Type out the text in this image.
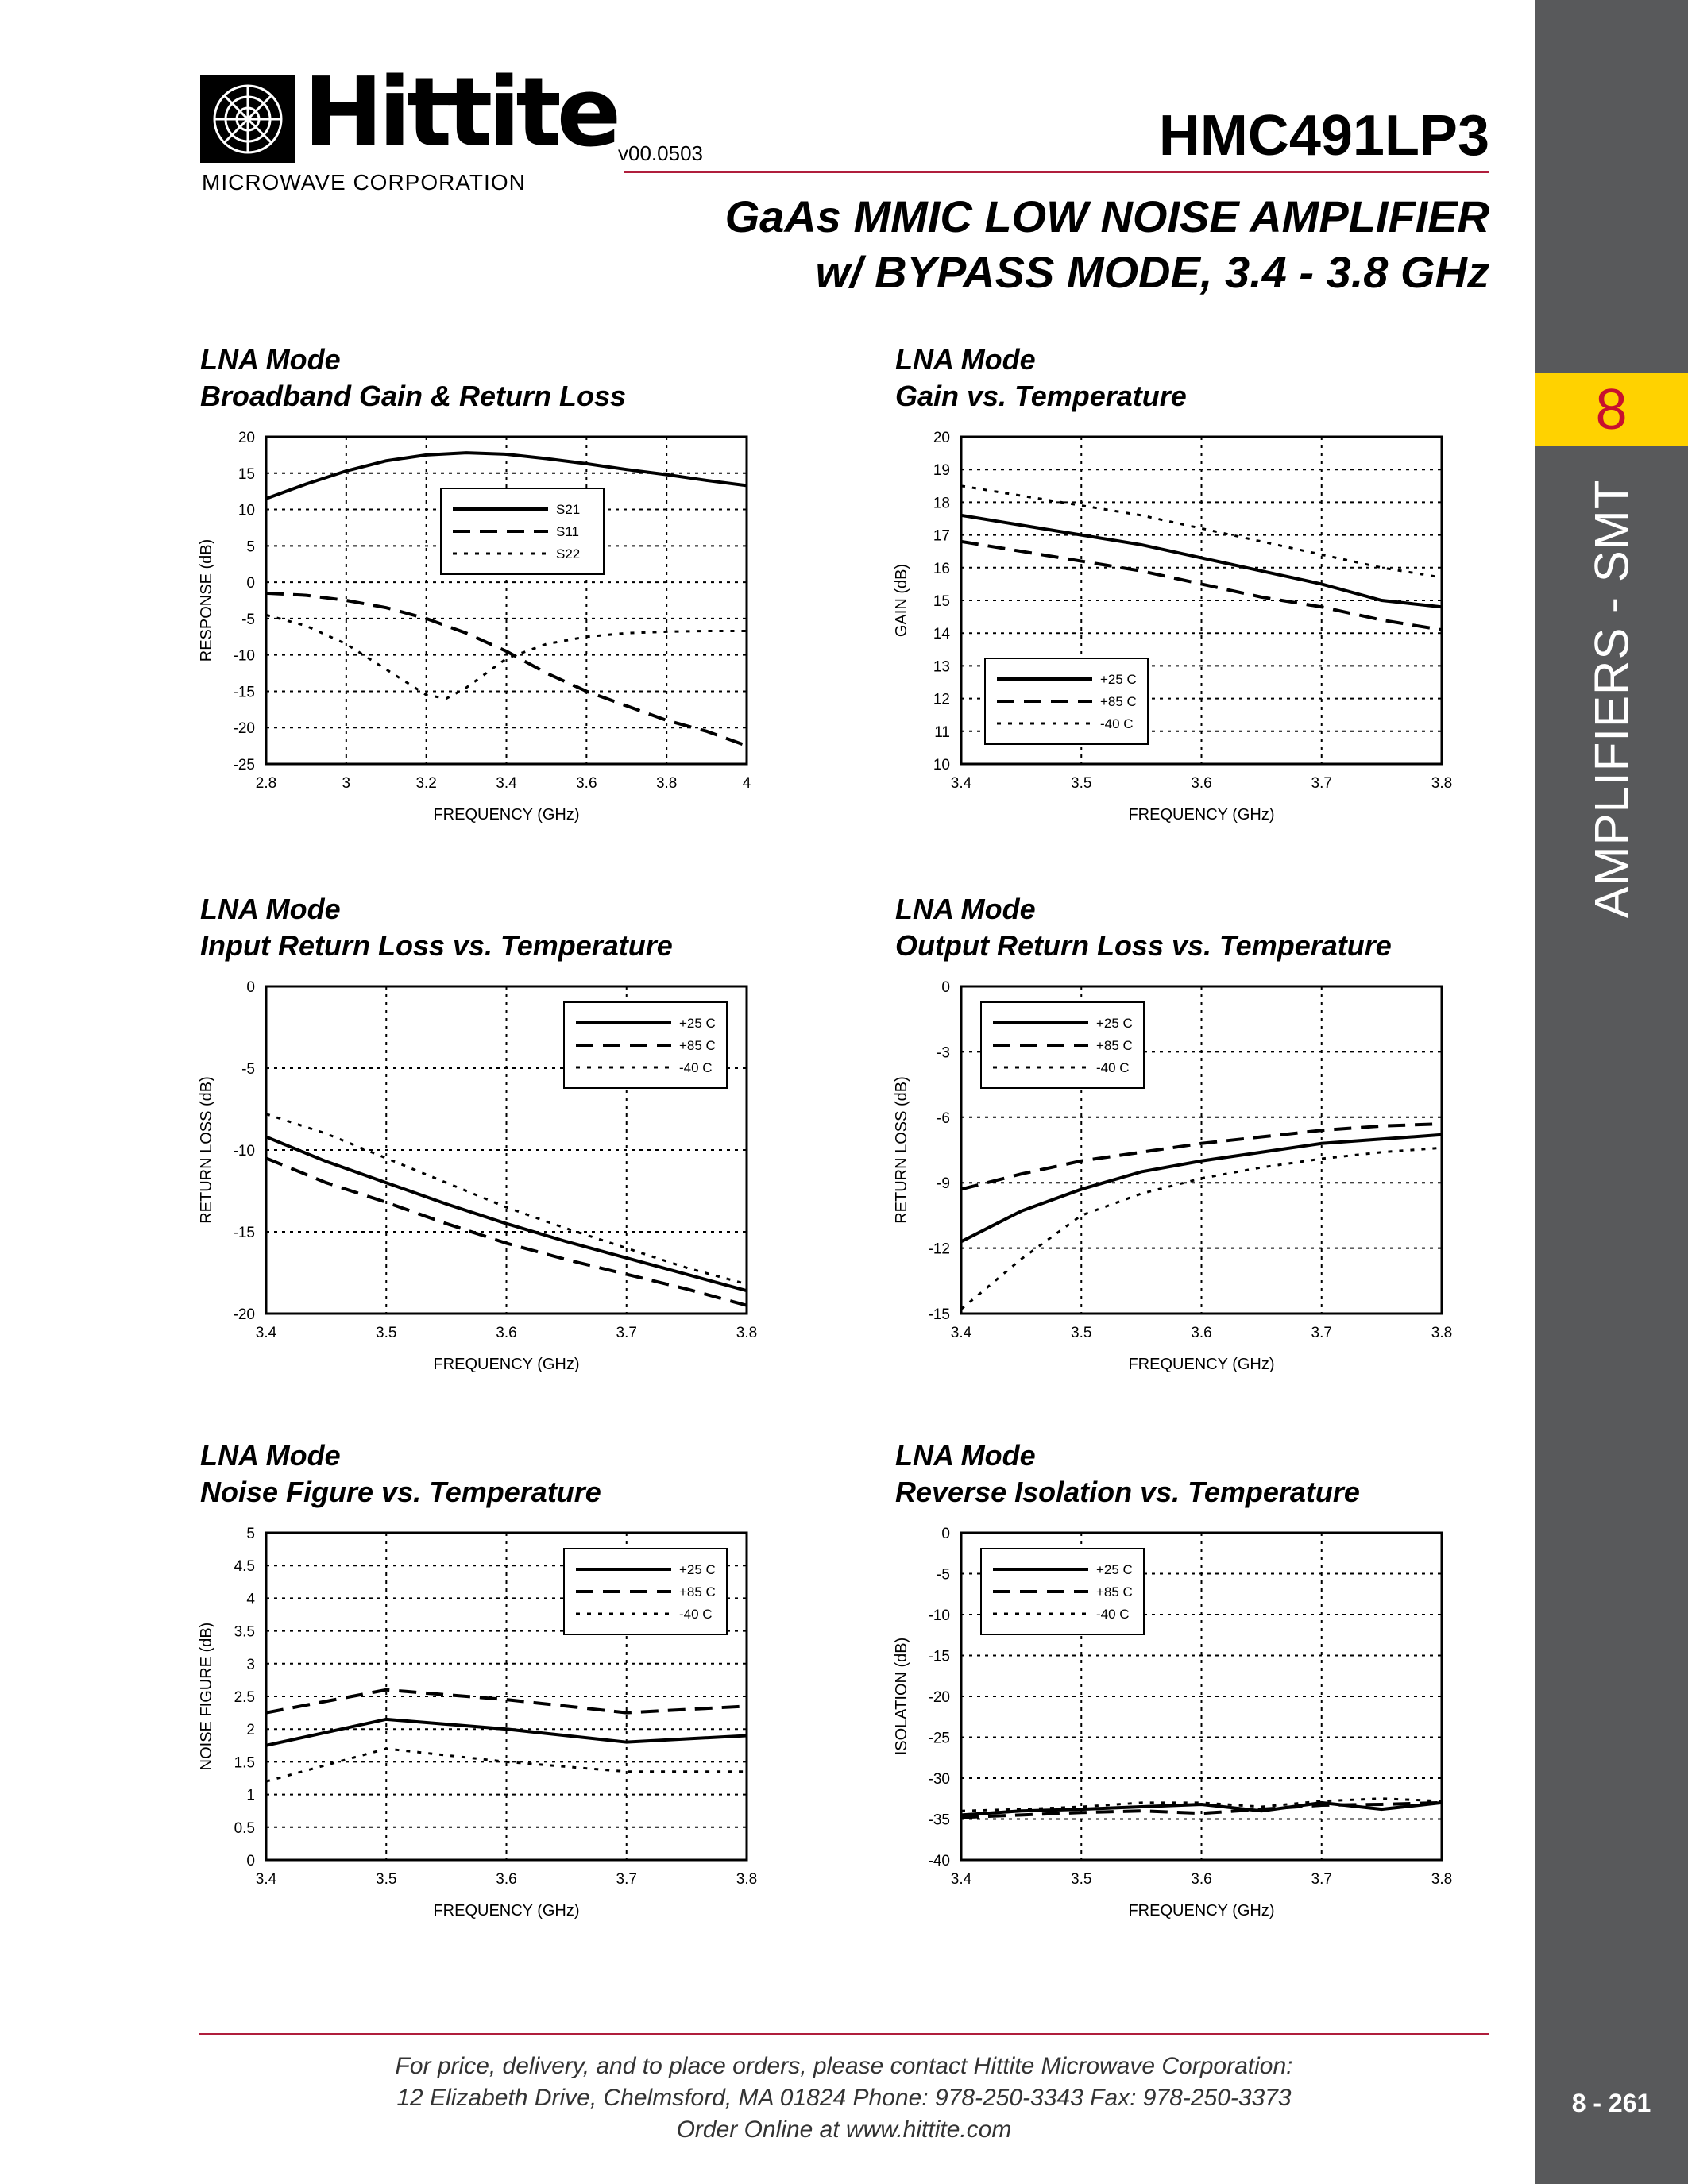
8
AMPLIFIERS - SMT
8 - 261
Hittite
MICROWAVE CORPORATION
v00.0503	HMC491LP3
GaAs MMIC LOW NOISE AMPLIFIER
w/ BYPASS MODE, 3.4 - 3.8 GHz
LNA Mode
Broadband Gain & Return Loss
LNA Mode
Gain vs. Temperature
LNA Mode
Input Return Loss vs. Temperature
LNA Mode
Output Return Loss vs. Temperature
LNA Mode
Noise Figure vs. Temperature
LNA Mode
Reverse Isolation vs. Temperature
2.8	3	3.2	3.4	3.6	3.8	4
-25
-20
-15
-10
-5
0
5
10
15
20
FREQUENCY (GHz)
RESPONSE (dB)
S21
S11
S22
3.4	3.5	3.6	3.7	3.8
10
11
12
13
14
15
16
17
18
19
20
FREQUENCY (GHz)
GAIN (dB)
+25 C
+85 C
-40 C
3.4	3.5	3.6	3.7	3.8
-20
-15
-10
-5
0
FREQUENCY (GHz)
RETURN LOSS (dB)
+25 C
+85 C
-40 C
3.4	3.5	3.6	3.7	3.8
-15
-12
-9
-6
-3
0
FREQUENCY (GHz)
RETURN LOSS (dB)
+25 C
+85 C
-40 C
3.4	3.5	3.6	3.7	3.8
0
0.5
1
1.5
2
2.5
3
3.5
4
4.5
5
FREQUENCY (GHz)
NOISE FIGURE (dB)
+25 C
+85 C
-40 C
3.4	3.5	3.6	3.7	3.8
-40
-35
-30
-25
-20
-15
-10
-5
0
FREQUENCY (GHz)
ISOLATION (dB)
+25 C
+85 C
-40 C
For price, delivery, and to place orders, please contact Hittite Microwave Corporation:
12 Elizabeth Drive, Chelmsford, MA 01824 Phone: 978-250-3343 Fax: 978-250-3373
Order Online at www.hittite.com
